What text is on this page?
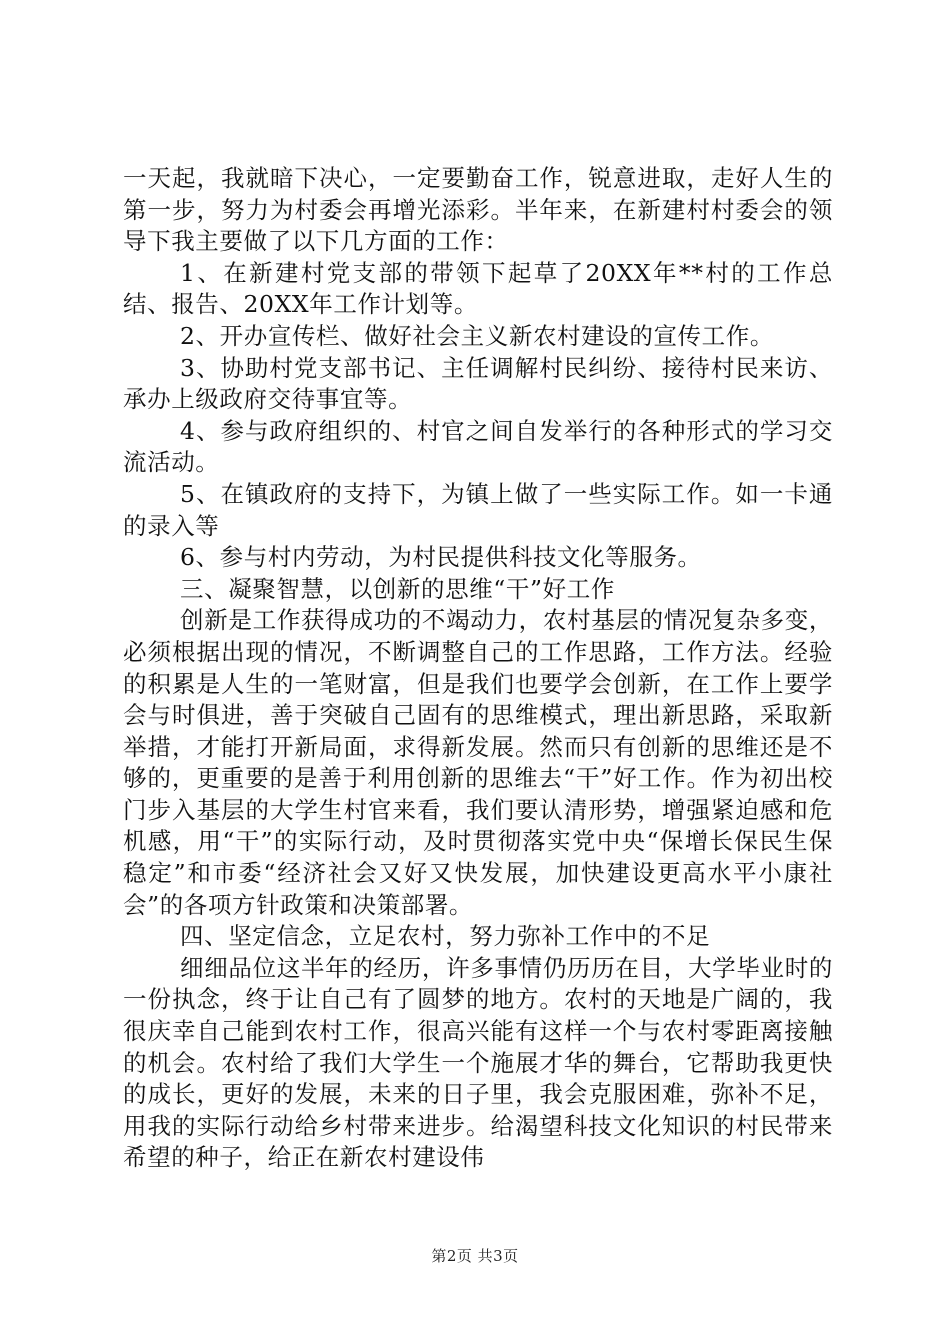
一天起，我就暗下决心，一定要勤奋工作，锐意进取，走好人生的第一步，努力为村委会再增光添彩。半年来，在新建村村委会的领导下我主要做了以下几方面的工作：

1、在新建村党支部的带领下起草了20XX年**村的工作总结、报告、20XX年工作计划等。

2、开办宣传栏、做好社会主义新农村建设的宣传工作。

3、协助村党支部书记、主任调解村民纠纷、接待村民来访、承办上级政府交待事宜等。

4、参与政府组织的、村官之间自发举行的各种形式的学习交流活动。

5、在镇政府的支持下，为镇上做了一些实际工作。如一卡通的录入等

6、参与村内劳动，为村民提供科技文化等服务。

三、凝聚智慧，以创新的思维“干”好工作

创新是工作获得成功的不竭动力，农村基层的情况复杂多变，必须根据出现的情况，不断调整自己的工作思路，工作方法。经验的积累是人生的一笔财富，但是我们也要学会创新，在工作上要学会与时俱进，善于突破自己固有的思维模式，理出新思路，采取新举措，才能打开新局面，求得新发展。然而只有创新的思维还是不够的，更重要的是善于利用创新的思维去“干”好工作。作为初出校门步入基层的大学生村官来看，我们要认清形势，增强紧迫感和危机感，用“干”的实际行动，及时贯彻落实党中央“保增长保民生保稳定”和市委“经济社会又好又快发展，加快建设更高水平小康社会”的各项方针政策和决策部署。

四、坚定信念，立足农村，努力弥补工作中的不足

细细品位这半年的经历，许多事情仍历历在目，大学毕业时的一份执念，终于让自己有了圆梦的地方。农村的天地是广阔的，我很庆幸自己能到农村工作，很高兴能有这样一个与农村零距离接触的机会。农村给了我们大学生一个施展才华的舞台，它帮助我更快的成长，更好的发展，未来的日子里，我会克服困难，弥补不足，用我的实际行动给乡村带来进步。给渴望科技文化知识的村民带来希望的种子，给正在新农村建设伟

第2页 共3页
